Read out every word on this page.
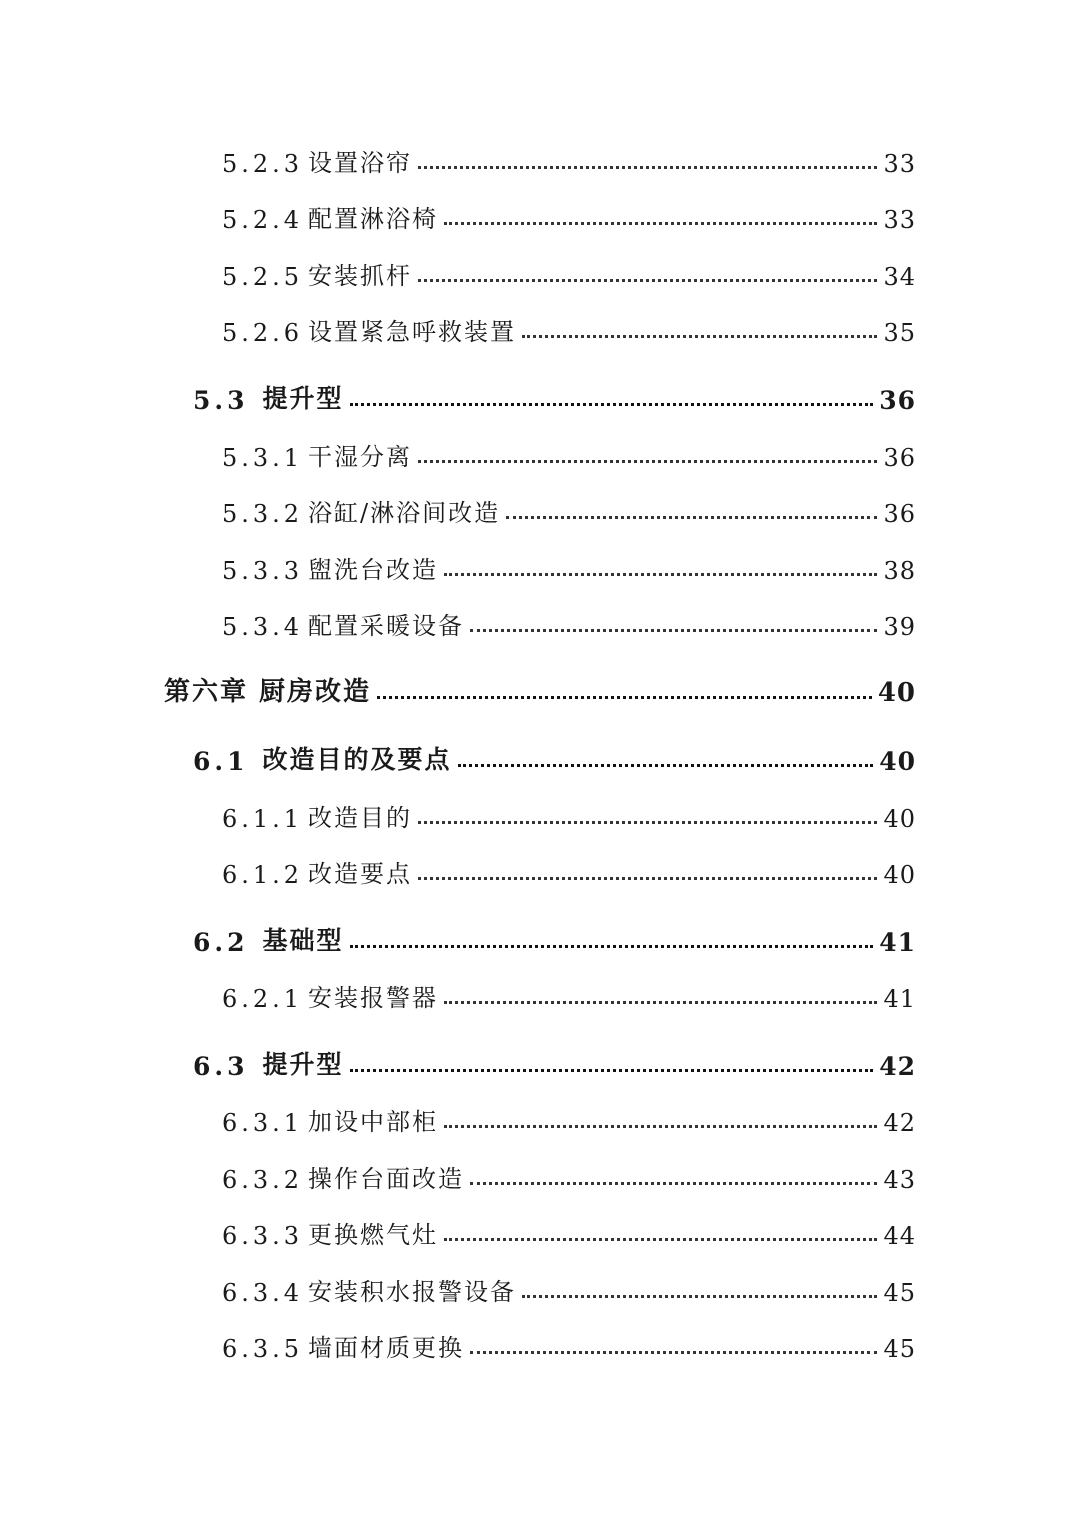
5.2.3 设置浴帘	33
5.2.4 配置淋浴椅	33
5.2.5 安装抓杆	34
5.2.6 设置紧急呼救装置	35
5.3 提升型	36
5.3.1 干湿分离	36
5.3.2 浴缸/淋浴间改造	36
5.3.3 盥洗台改造	38
5.3.4 配置采暖设备	39
第六章 厨房改造	40
6.1 改造目的及要点	40
6.1.1 改造目的	40
6.1.2 改造要点	40
6.2 基础型	41
6.2.1 安装报警器	41
6.3 提升型	42
6.3.1 加设中部柜	42
6.3.2 操作台面改造	43
6.3.3 更换燃气灶	44
6.3.4 安装积水报警设备	45
6.3.5 墙面材质更换	45
